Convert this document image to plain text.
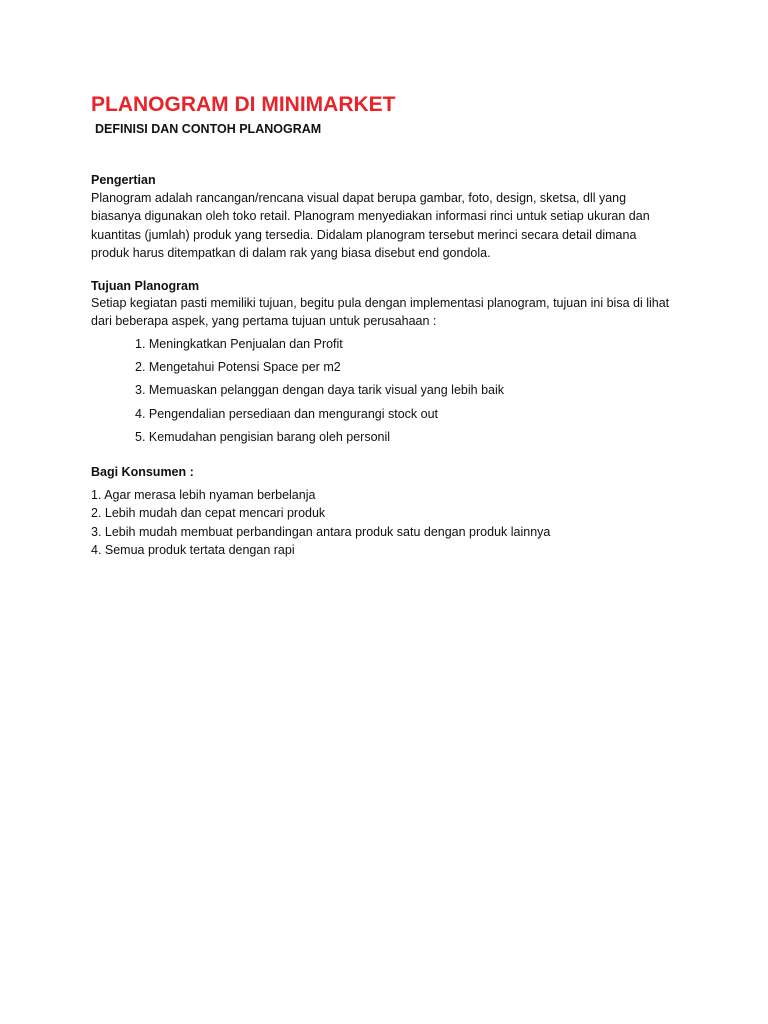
PLANOGRAM DI MINIMARKET
DEFINISI DAN CONTOH PLANOGRAM
Pengertian
Planogram adalah rancangan/rencana visual dapat berupa gambar, foto, design, sketsa, dll yang
biasanya digunakan oleh toko retail. Planogram menyediakan informasi rinci untuk setiap ukuran dan
kuantitas (jumlah) produk yang tersedia. Didalam planogram tersebut merinci secara detail dimana
produk harus ditempatkan di dalam rak yang biasa disebut end gondola.
Tujuan Planogram
Setiap kegiatan pasti memiliki tujuan, begitu pula dengan implementasi planogram, tujuan ini bisa di lihat
dari beberapa aspek, yang pertama tujuan untuk perusahaan :
1. Meningkatkan Penjualan dan Profit
2. Mengetahui Potensi Space per m2
3. Memuaskan pelanggan dengan daya tarik visual yang lebih baik
4. Pengendalian persediaan dan mengurangi stock out
5. Kemudahan pengisian barang oleh personil
Bagi Konsumen :
1. Agar merasa lebih nyaman berbelanja
2. Lebih mudah dan cepat mencari produk
3. Lebih mudah membuat perbandingan antara produk satu dengan produk lainnya
4. Semua produk tertata dengan rapi
